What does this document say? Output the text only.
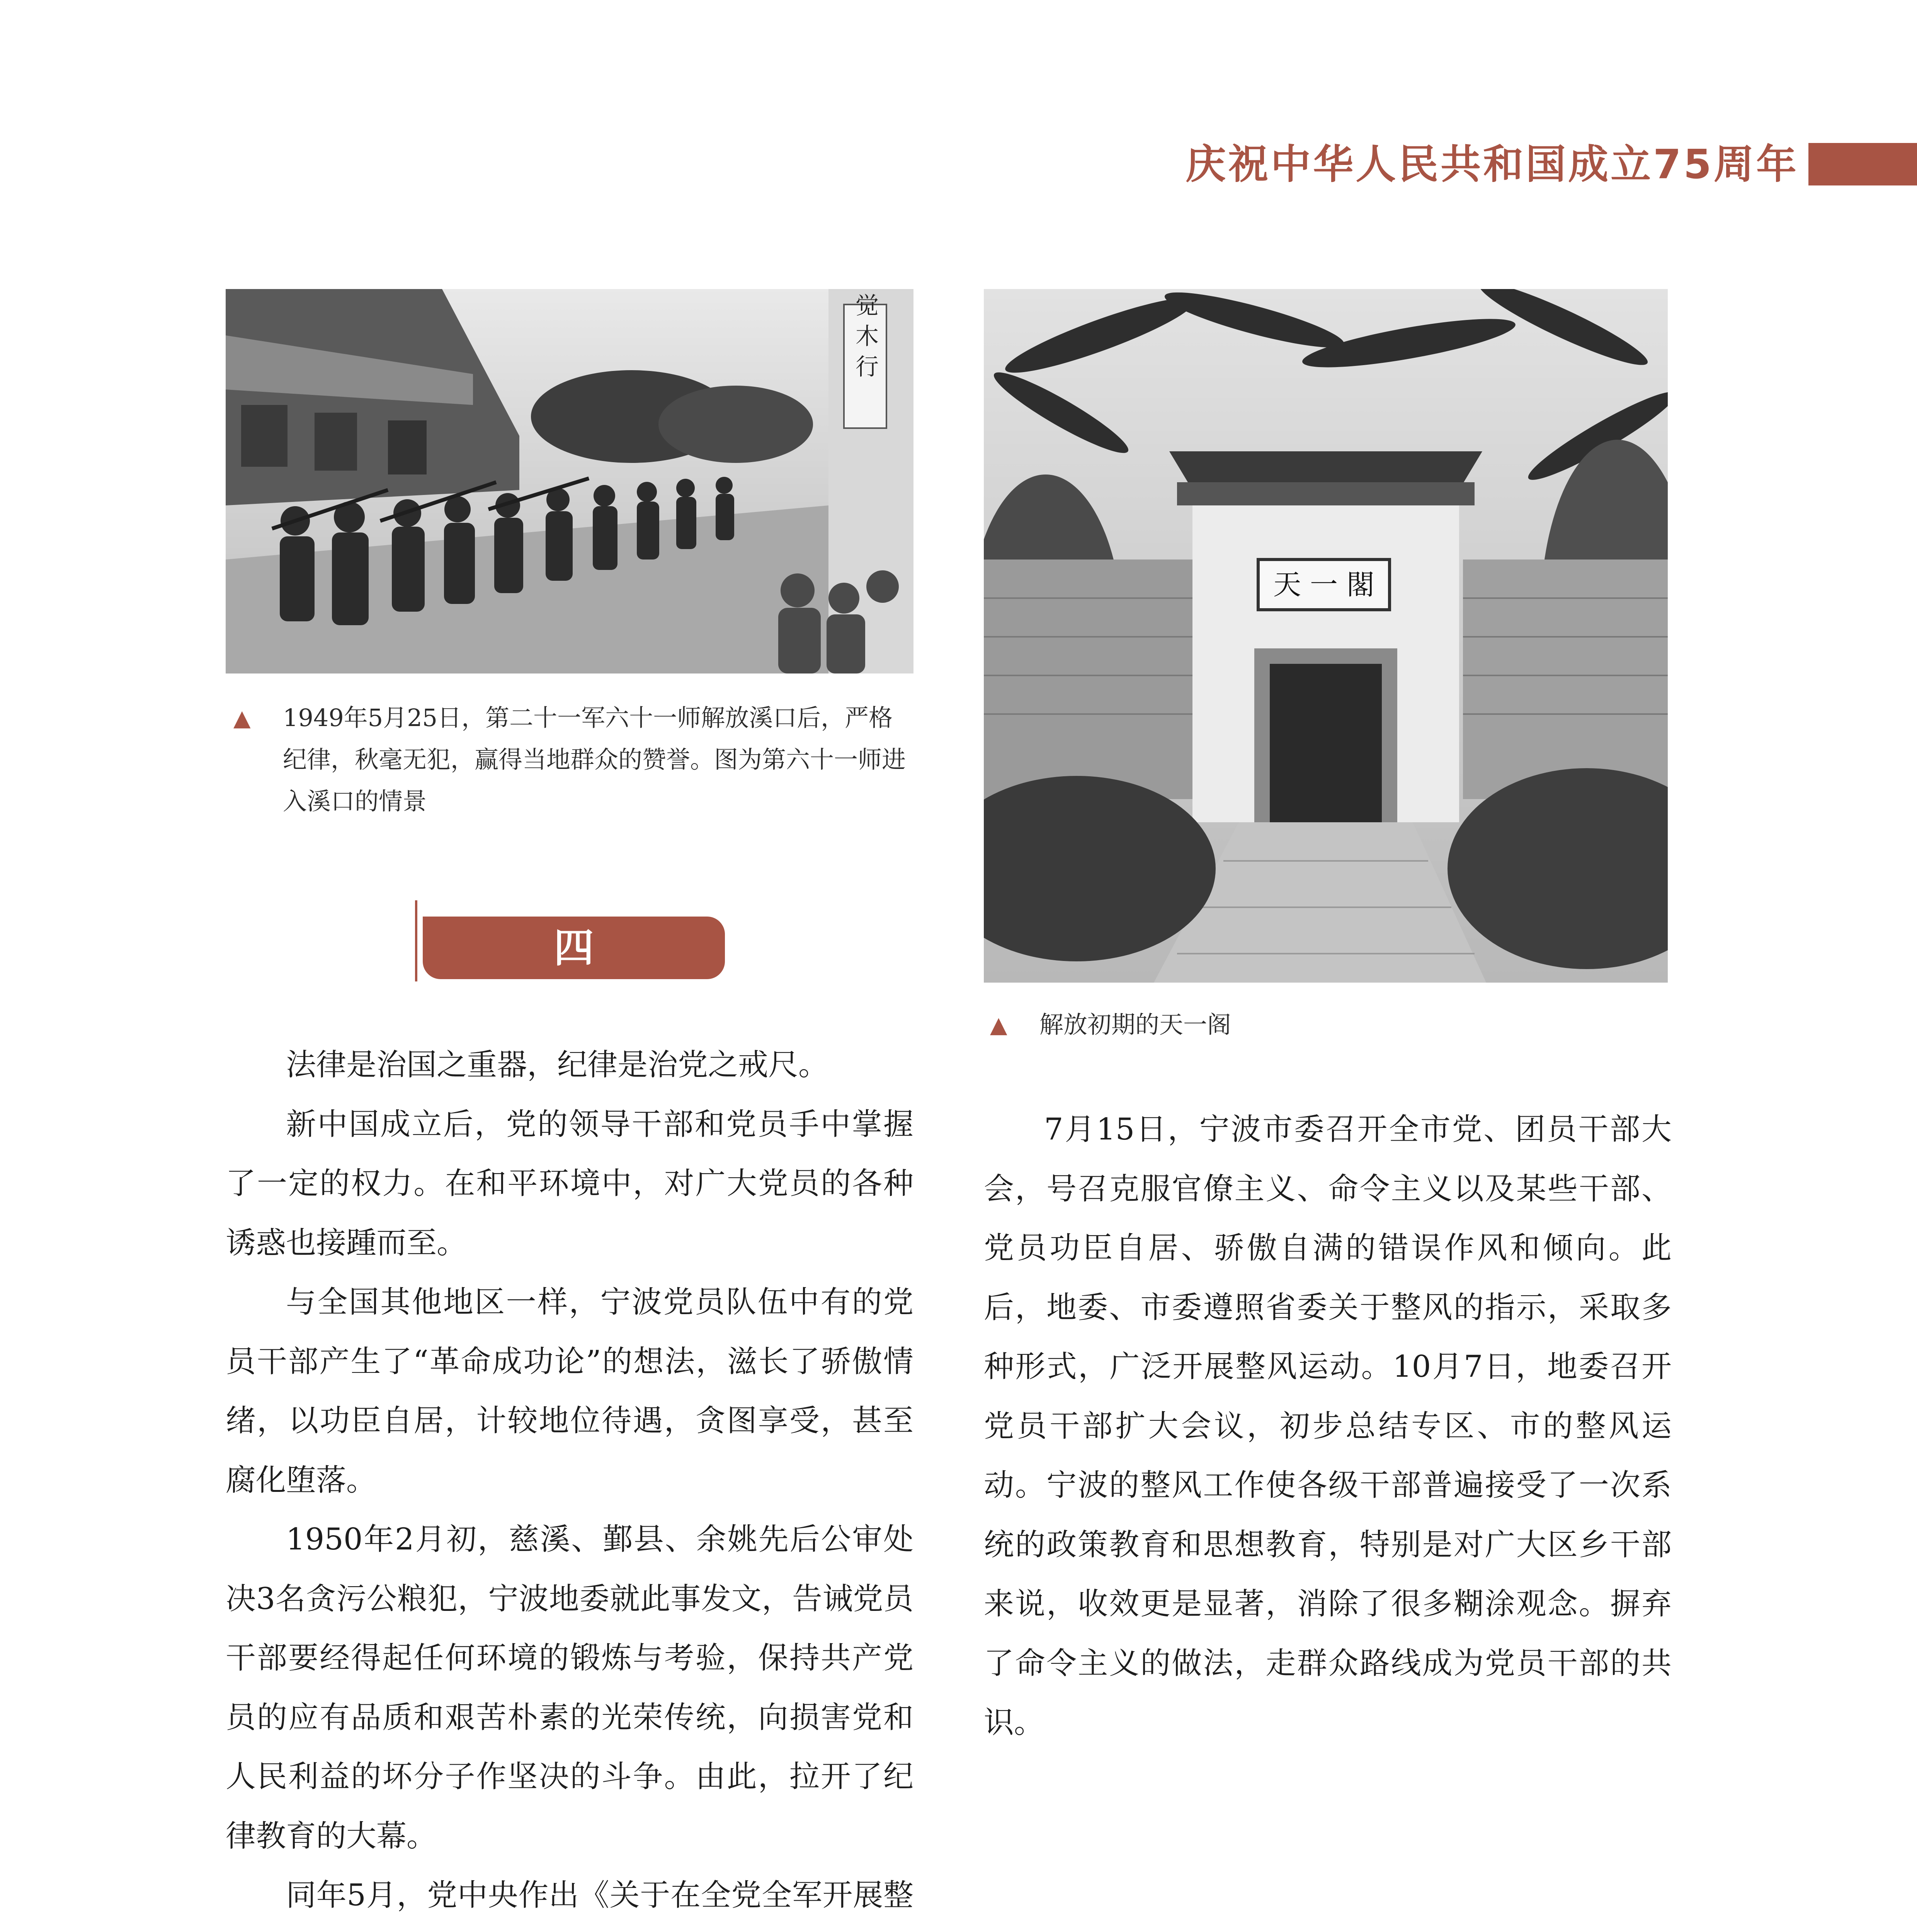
庆祝中华人民共和国成立75周年
觉 木 行
▲	1949年5月25日，第二十一军六十一师解放溪口后，严格纪律，秋毫无犯，赢得当地群众的赞誉。图为第六十一师进入溪口的情景
四

法律是治国之重器，纪律是治党之戒尺。

新中国成立后，党的领导干部和党员手中掌握了一定的权力。在和平环境中，对广大党员的各种诱惑也接踵而至。

与全国其他地区一样，宁波党员队伍中有的党员干部产生了“革命成功论”的想法，滋长了骄傲情绪，以功臣自居，计较地位待遇，贪图享受，甚至腐化堕落。

1950年2月初，慈溪、鄞县、余姚先后公审处决3名贪污公粮犯，宁波地委就此事发文，告诫党员干部要经得起任何环境的锻炼与考验，保持共产党员的应有品质和艰苦朴素的光荣传统，向损害党和人民利益的坏分子作坚决的斗争。由此，拉开了纪律教育的大幕。

同年5月，党中央作出《关于在全党全军开展整

天 一 閣
▲	解放初期的天一阁

7月15日，宁波市委召开全市党、团员干部大会，号召克服官僚主义、命令主义以及某些干部、党员功臣自居、骄傲自满的错误作风和倾向。此后，地委、市委遵照省委关于整风的指示，采取多种形式，广泛开展整风运动。10月7日，地委召开党员干部扩大会议，初步总结专区、市的整风运动。宁波的整风工作使各级干部普遍接受了一次系统的政策教育和思想教育，特别是对广大区乡干部来说，收效更是显著，消除了很多糊涂观念。摒弃了命令主义的做法，走群众路线成为党员干部的共识。
